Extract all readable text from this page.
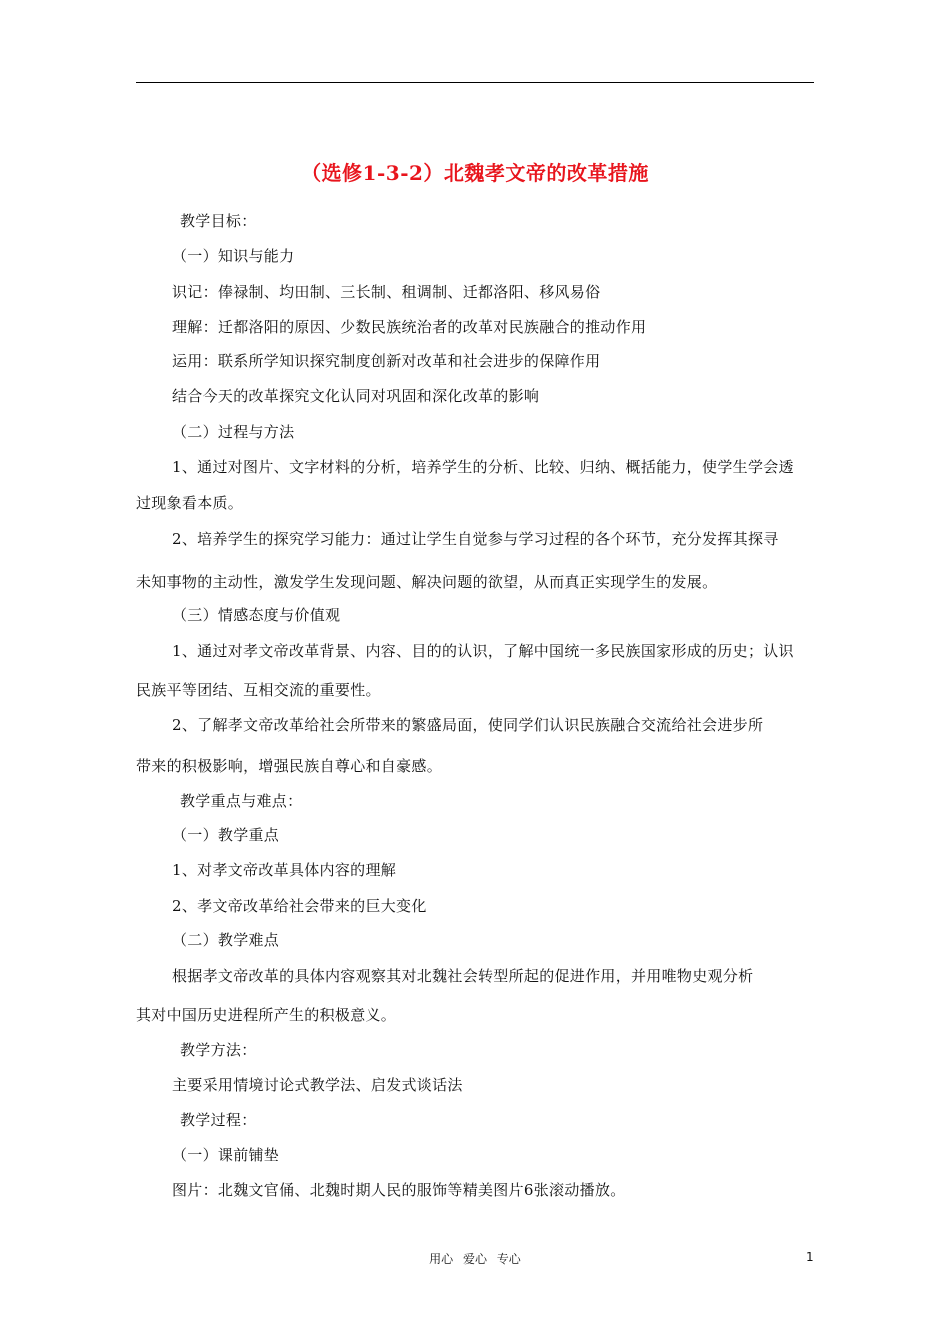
（选修1-3-2）北魏孝文帝的改革措施
教学目标：
（一）知识与能力
识记：俸禄制、均田制、三长制、租调制、迁都洛阳、移风易俗
理解：迁都洛阳的原因、少数民族统治者的改革对民族融合的推动作用
运用：联系所学知识探究制度创新对改革和社会进步的保障作用
结合今天的改革探究文化认同对巩固和深化改革的影响
（二）过程与方法
1、通过对图片、文字材料的分析，培养学生的分析、比较、归纳、概括能力，使学生学会透
过现象看本质。
2、培养学生的探究学习能力：通过让学生自觉参与学习过程的各个环节，充分发挥其探寻
未知事物的主动性，激发学生发现问题、解决问题的欲望，从而真正实现学生的发展。
（三）情感态度与价值观
1、通过对孝文帝改革背景、内容、目的的认识，了解中国统一多民族国家形成的历史；认识
民族平等团结、互相交流的重要性。
2、了解孝文帝改革给社会所带来的繁盛局面，使同学们认识民族融合交流给社会进步所
带来的积极影响，增强民族自尊心和自豪感。
教学重点与难点：
（一）教学重点
1、对孝文帝改革具体内容的理解
2、孝文帝改革给社会带来的巨大变化
（二）教学难点
根据孝文帝改革的具体内容观察其对北魏社会转型所起的促进作用，并用唯物史观分析
其对中国历史进程所产生的积极意义。
教学方法：
主要采用情境讨论式教学法、启发式谈话法
教学过程：
（一）课前铺垫
图片：北魏文官俑、北魏时期人民的服饰等精美图片6张滚动播放。
用心 爱心 专心	1
